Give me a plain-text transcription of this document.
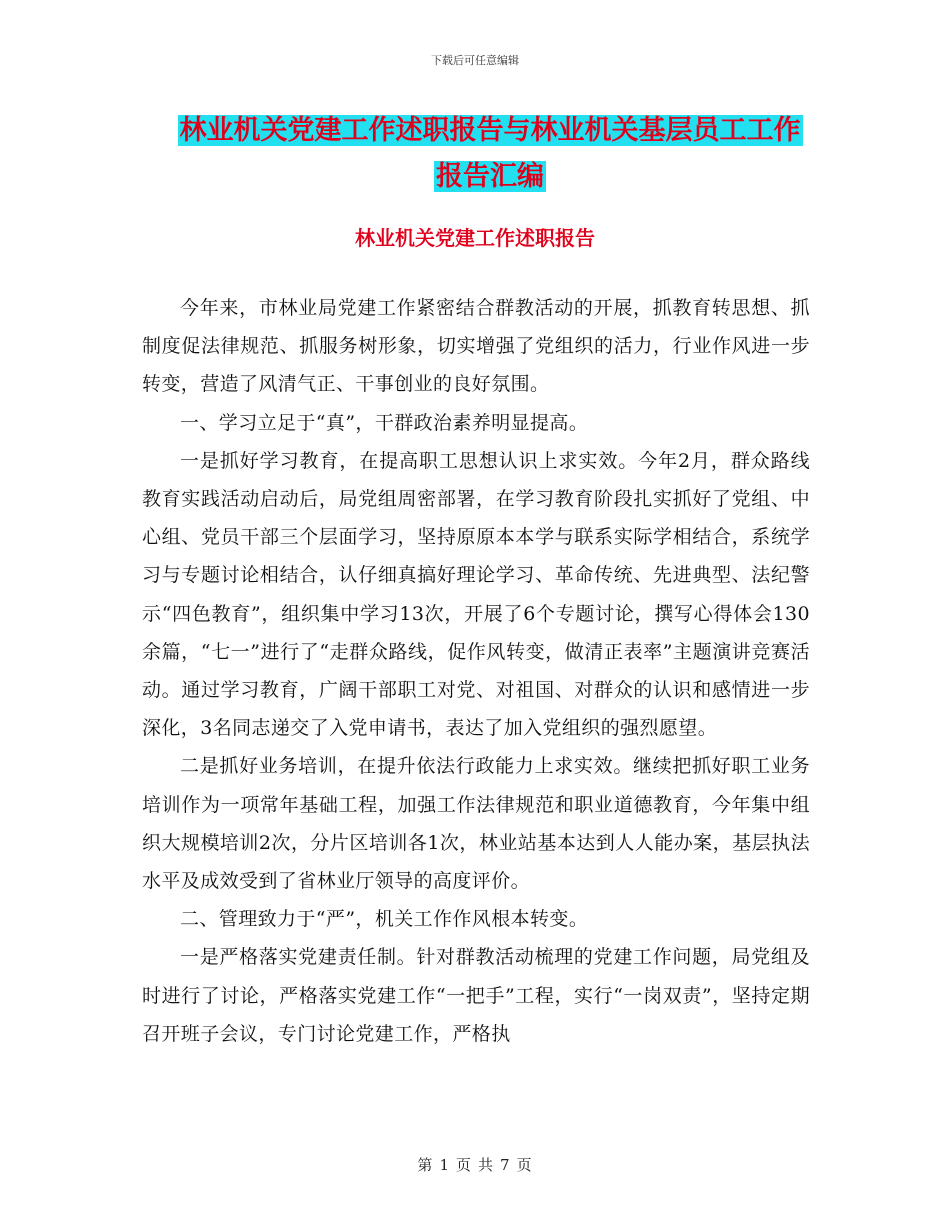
下载后可任意编辑
林业机关党建工作述职报告与林业机关基层员工工作
报告汇编
林业机关党建工作述职报告

今年来，市林业局党建工作紧密结合群教活动的开展，抓教育转思想、抓制度促法律规范、抓服务树形象，切实增强了党组织的活力，行业作风进一步转变，营造了风清气正、干事创业的良好氛围。

一、学习立足于“真”，干群政治素养明显提高。

一是抓好学习教育，在提高职工思想认识上求实效。今年2月，群众路线教育实践活动启动后，局党组周密部署，在学习教育阶段扎实抓好了党组、中心组、党员干部三个层面学习，坚持原原本本学与联系实际学相结合，系统学习与专题讨论相结合，认仔细真搞好理论学习、革命传统、先进典型、法纪警示“四色教育”，组织集中学习13次，开展了6个专题讨论，撰写心得体会130余篇，“七一”进行了“走群众路线，促作风转变，做清正表率”主题演讲竞赛活动。通过学习教育，广阔干部职工对党、对祖国、对群众的认识和感情进一步深化，3名同志递交了入党申请书，表达了加入党组织的强烈愿望。

二是抓好业务培训，在提升依法行政能力上求实效。继续把抓好职工业务培训作为一项常年基础工程，加强工作法律规范和职业道德教育，今年集中组织大规模培训2次，分片区培训各1次，林业站基本达到人人能办案，基层执法水平及成效受到了省林业厅领导的高度评价。

二、管理致力于“严”，机关工作作风根本转变。

一是严格落实党建责任制。针对群教活动梳理的党建工作问题，局党组及时进行了讨论，严格落实党建工作“一把手”工程，实行“一岗双责”，坚持定期召开班子会议，专门讨论党建工作，严格执

第 1 页 共 7 页
